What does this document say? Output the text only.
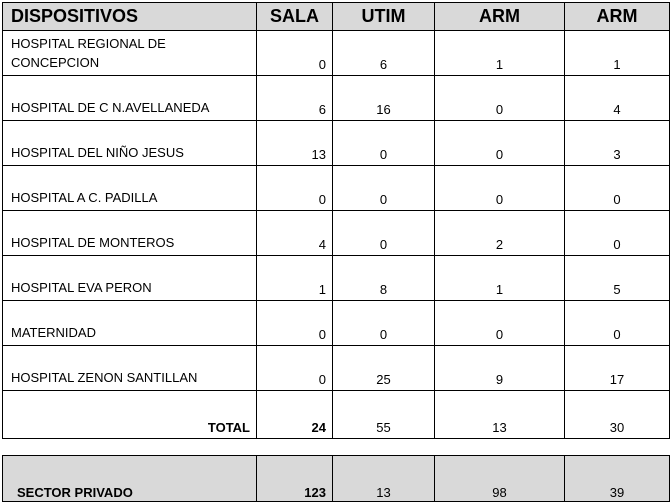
DISPOSITIVOS	SALA	UTIM	ARM	ARM
HOSPITAL REGIONAL DE CONCEPCION	0	6	1	1
HOSPITAL DE C N.AVELLANEDA	6	16	0	4
HOSPITAL DEL NIÑO JESUS	13	0	0	3
HOSPITAL A C. PADILLA	0	0	0	0
HOSPITAL DE MONTEROS	4	0	2	0
HOSPITAL EVA PERON	1	8	1	5
MATERNIDAD	0	0	0	0
HOSPITAL ZENON SANTILLAN	0	25	9	17
TOTAL	24	55	13	30
SECTOR PRIVADO	123	13	98	39
